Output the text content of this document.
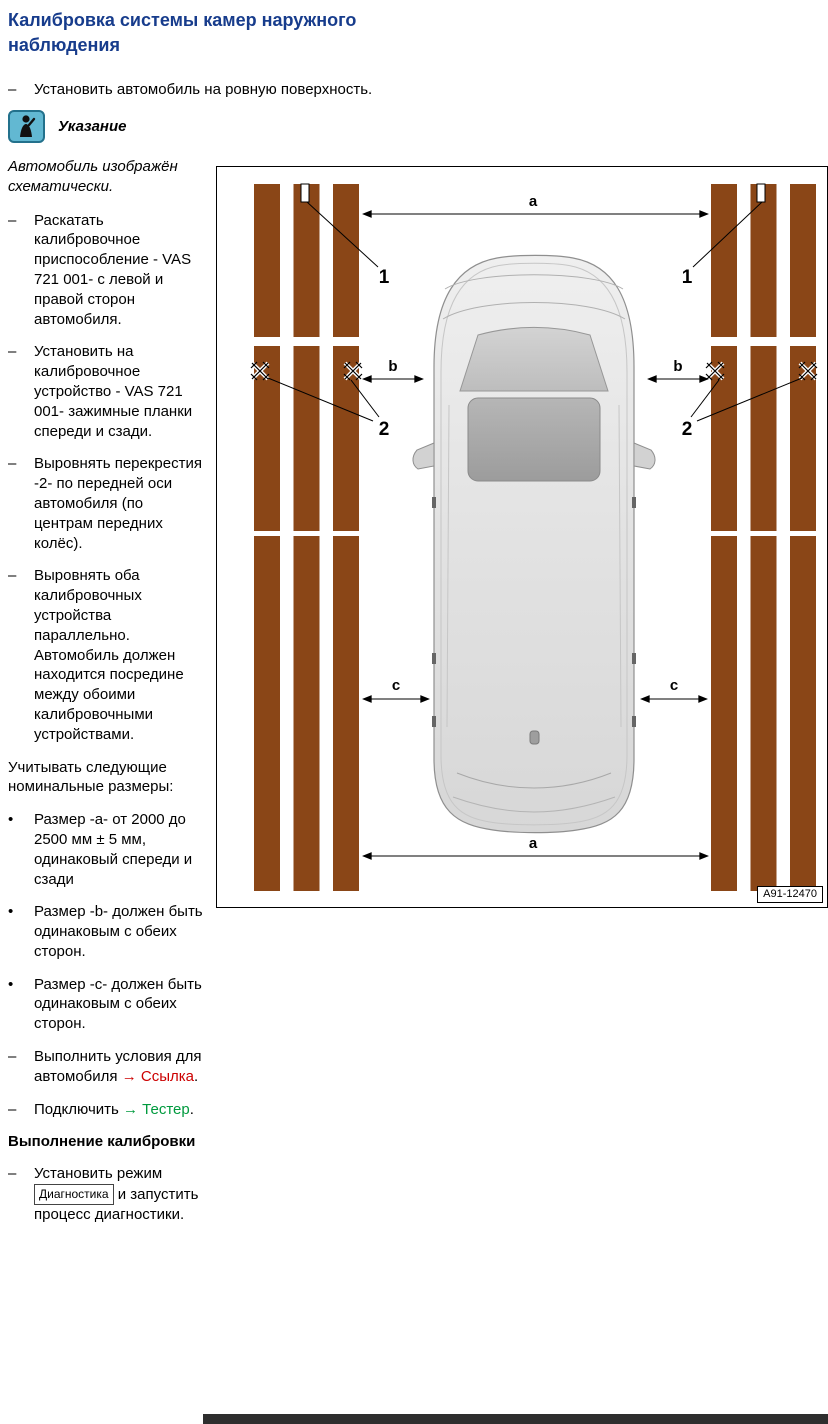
Калибровка системы камер наружного наблюдения
–	Установить автомобиль на ровную поверхность.
Указание

Автомобиль изображён схематически.

–	Раскатать калибровочное приспособление - VAS 721 001- с левой и правой сторон автомобиля.
–	Установить на калибровочное устройство - VAS 721 001- зажимные планки спереди и сзади.
–	Выровнять перекрестия -2- по передней оси автомобиля (по центрам передних колёс).
–	Выровнять оба калибровочных устройства параллельно. Автомобиль должен находится посредине между обоими калибровочными устройствами.

Учитывать следующие номинальные размеры:

•	Размер -a- от 2000 до 2500 мм ± 5 мм, одинаковый спереди и сзади
•	Размер -b- должен быть одинаковым с обеих сторон.
•	Размер -c- должен быть одинаковым с обеих сторон.
–	Выполнить условия для автомобиля → Ссылка.
–	Подключить → Тестер.
Выполнение калибровки
–	Установить режим Диагностика и запустить процесс диагностики.
a
a
b	b
c	c
1	1
2	2
A91-12470
